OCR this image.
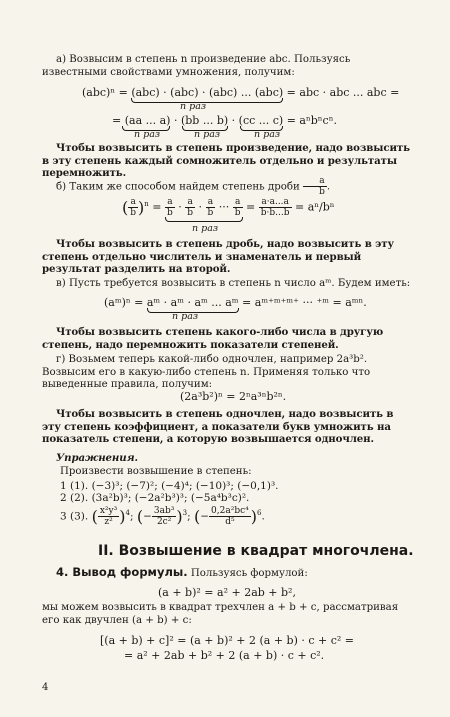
а) Возвысим в степень n произведение abc. Пользуясь известными свойствами умножения, получим:
(abc)ⁿ = (abc) · (abc) · (abc) ... (abc) = abc · abc ... abc =
n раз
= (aa ... a) · (bb ... b) · (cc ... c) = aⁿbⁿcⁿ.
n раз	n раз	n раз
Чтобы возвысить в степень произведение, надо возвысить в эту степень каждый сомножитель отдельно и результаты перемножить.
б) Таким же способом найдем степень дроби $\frac{a}{b}$ .
( $\frac{a}{b} )^n = \frac{a}{b} \cdot \frac{a}{b} \cdot \frac{a}{b}$ ··· $\frac{a}{b} = \frac{a\cdot a...a}{b\cdot b...b} = a^n/b^n$
n раз
Чтобы возвысить в степень дробь, надо возвысить в эту степень отдельно числитель и знаменатель и первый результат разделить на второй.
в) Пусть требуется возвысить в степень n число aᵐ. Будем иметь:
(aᵐ)ⁿ = aᵐ · aᵐ · aᵐ ... aᵐ = aᵐ⁺ᵐ⁺ᵐ⁺ ··· ⁺ᵐ = aᵐⁿ.
n раз
Чтобы возвысить степень какого-либо числа в другую степень, надо перемножить показатели степеней.
г) Возьмем теперь какой-либо одночлен, например 2a³b². Возвысим его в какую-либо степень n. Применяя только что выведенные правила, получим:
(2a³b²)ⁿ = 2ⁿa³ⁿb²ⁿ.
Чтобы возвысить в степень одночлен, надо возвысить в эту степень коэффициент, а показатели букв умножить на показатель степени, а которую возвышается одночлен.
Упражнения.
Произвести возвышение в степень:
1 (1). (−3)³; (−7)²; (−4)⁴; (−10)³; (−0,1)³.
2 (2). (3a²b)³; (−2a²b³)³; (−5a⁴b³c)².
3 (3). ( $\frac{\text{x²y³}}{\text{z²}} )^4$; (− $\frac{\text{3ab³}}{\text{2c²}} )^3$; (− $\frac{\text{0,2a²bc⁴}}{\text{d⁵}} )^6$.
II. Возвышение в квадрат многочлена.
4. Вывод формулы. Пользуясь формулой:
(a + b)² = a² + 2ab + b²,
мы можем возвысить в квадрат трехчлен a + b + c, рассматривая его как двучлен (a + b) + c:
[(a + b) + c]² = (a + b)² + 2 (a + b) · c + c² =
= a² + 2ab + b² + 2 (a + b) · c + c².
4
